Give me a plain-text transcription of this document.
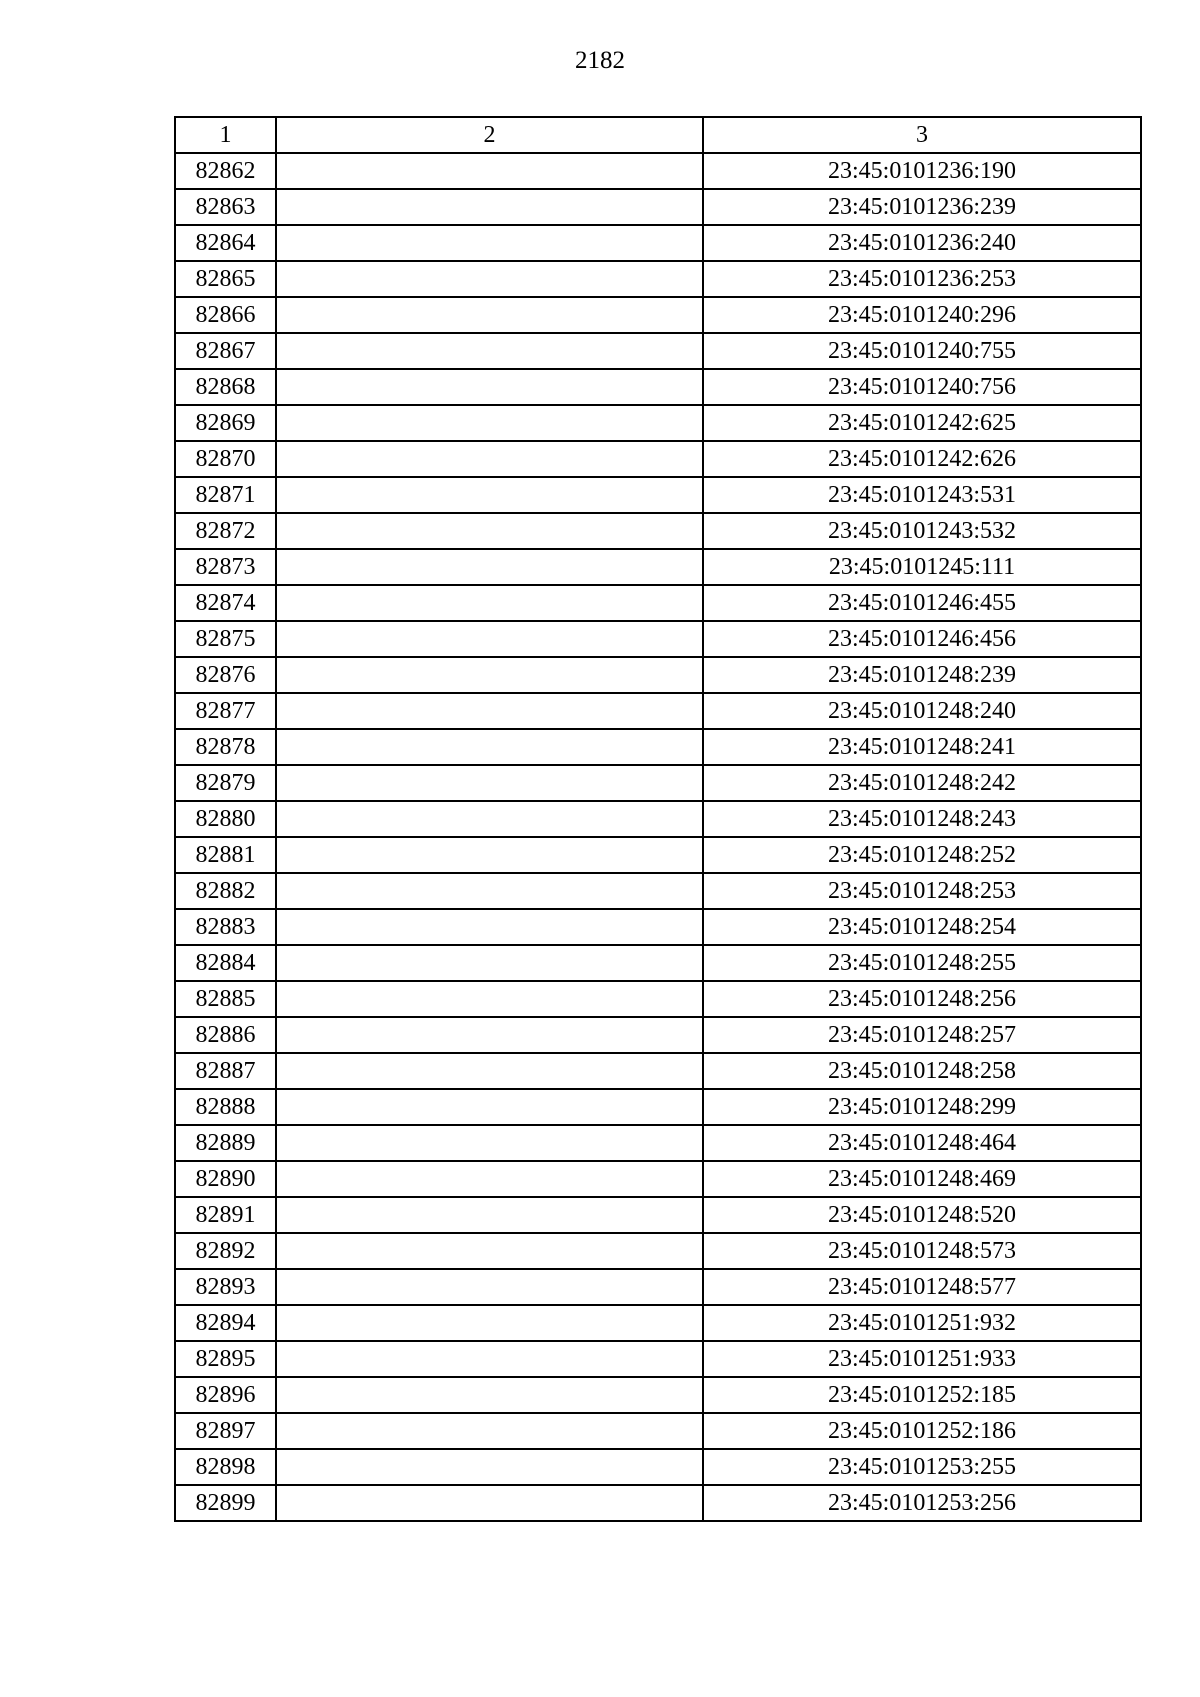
2182
1	2	3
82862		23:45:0101236:190
82863		23:45:0101236:239
82864		23:45:0101236:240
82865		23:45:0101236:253
82866		23:45:0101240:296
82867		23:45:0101240:755
82868		23:45:0101240:756
82869		23:45:0101242:625
82870		23:45:0101242:626
82871		23:45:0101243:531
82872		23:45:0101243:532
82873		23:45:0101245:111
82874		23:45:0101246:455
82875		23:45:0101246:456
82876		23:45:0101248:239
82877		23:45:0101248:240
82878		23:45:0101248:241
82879		23:45:0101248:242
82880		23:45:0101248:243
82881		23:45:0101248:252
82882		23:45:0101248:253
82883		23:45:0101248:254
82884		23:45:0101248:255
82885		23:45:0101248:256
82886		23:45:0101248:257
82887		23:45:0101248:258
82888		23:45:0101248:299
82889		23:45:0101248:464
82890		23:45:0101248:469
82891		23:45:0101248:520
82892		23:45:0101248:573
82893		23:45:0101248:577
82894		23:45:0101251:932
82895		23:45:0101251:933
82896		23:45:0101252:185
82897		23:45:0101252:186
82898		23:45:0101253:255
82899		23:45:0101253:256
